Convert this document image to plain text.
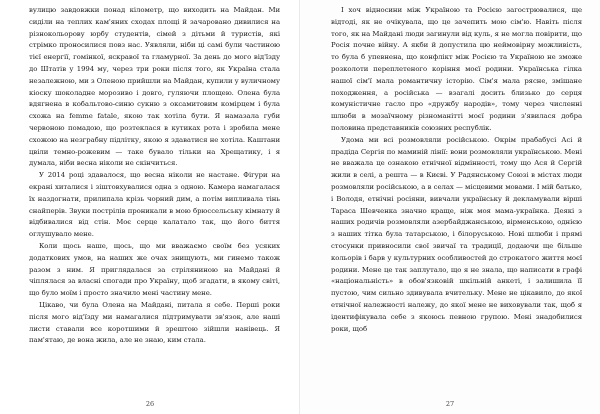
вулицю завдовжки понад кілометр, що виходить на Майдан. Ми сиділи на теплих кам'яних сходах площі й зачаровано дивилися на різнокольорову юрбу студентів, сімей з дітьми й туристів, які стрімко проносилися повз нас. Уявляли, ніби ці самі були частиною тієї енергії, гомінкої, яскравої та гламурної. За день до мого від'їзду до Штатів у 1994 му, через три роки після того, як Україна стала незалежною, ми з Оленою прийшли на Майдан, купили у вуличному кіоску шоколадне морозиво і довго, гуляючи площею. Олена була вдягнена в кобальтово-синю сукню з оксамитовим комірцем і була схожа на femme fatale, якою так хотіла бути. Я намазала губи червоною помадою, що розтеклася в кутиках рота і зробила мене схожою на незграбну підлітку, якою я здаватися не хотіла. Каштани цвіли темно-рожевим — таке бувало тільки на Хрещатику, і я думала, ніби весна ніколи не скінчиться.

У 2014 році здавалося, що весна ніколи не настане. Фігури на екрані хиталися і зіштовхувалися одна з одною. Камера намагалася їх наздогнати, прилипала крізь чорний дим, а потім випливала тінь снайперів. Звуки пострілів проникали в мою брюссельську кімнату й відбивалися від стін. Моє серце калатало так, що його биття оглушувало мене.

Коли щось наше, щось, що ми вважаємо своїм без усяких додаткових умов, на наших же очах знищують, ми гинемо також разом з ним. Я приглядалася за стріляниною на Майдані й чіплялася за власні спогади про Україну, щоб згадати, в якому світі, що було моїм і просто значило мені частину мене.

Цікаво, чи була Олена на Майдані, питала я себе. Перші роки після мого від'їзду ми намагалися підтримувати зв'язок, але наші листи ставали все коротшими й зрештою зійшли нанівець. Я пам'ятаю, де вона жила, але не знаю, ким стала.

26

І хоч відносини між Україною та Росією загострювалися, ще відтоді, як не очікувала, що це зачепить мою сім'ю. Навіть після того, як на Майдані люди загинули від куль, я не могла повірити, що Росія почне війну. А якби й допустила цю неймовірну можливість, то була б упевнена, що конфлікт між Росією та Україною не зможе розколоти переплетеного коріння моєї родини. Українська гілка нашої сім'ї мала романтичну історію. Сім'я мала рясне, змішане походження, а російська — взагалі досить близько до серця комуністичне гасло про «дружбу народів», тому через численні шлюби в мозаїчному різноманітті моєї родини з'явилася добра половина представників союзних республік.

Удома ми всі розмовляли російською. Окрім прабабусі Асі й прадіда Сергія по маминій лінії: вони розмовляли українською. Мені не вважала це ознакою етнічної відмінності, тому що Ася й Сергій жили в селі, а решта — в Києві. У Радянському Союзі в містах люди розмовляли російською, а в селах — місцевими мовами. І мій батько, і Володя, етнічні росіяни, вивчали українську й декламували вірші Тараса Шевченка значно краще, ніж моя мама-українка. Деякі з наших родичів розмовляли азербайджанською, вірменською, однією з наших тітка була татарською, і білоруською. Нові шлюби і прямі стосунки привносили свої звичаї та традиції, додаючи ще більше кольорів і барв у культурних особливостей до строкатого життя моєї родини. Мене це так заплутало, що я не знала, що написати в графі «національність» в обов'язковій шкільній анкеті, і залишила її пустою, чим сильно здивувала вчительку. Мене не цікавило, до якої етнічної належності належу, до якої мене не виховували так, щоб я ідентифікувала себе з якоюсь певною групою. Мені знадобилися роки, щоб

27
